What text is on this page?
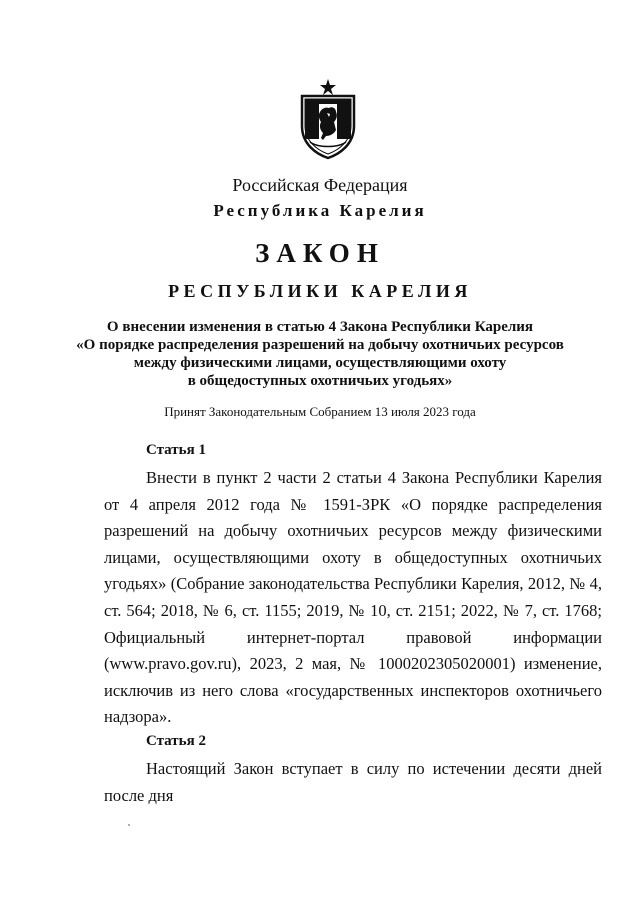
Российская Федерация
Республика Карелия
ЗАКОН
РЕСПУБЛИКИ КАРЕЛИЯ
О внесении изменения в статью 4 Закона Республики Карелия
«О порядке распределения разрешений на добычу охотничьих ресурсов
между физическими лицами, осуществляющими охоту
в общедоступных охотничьих угодьях»
Принят Законодательным Собранием 13 июля 2023 года
Статья 1
Внести в пункт 2 части 2 статьи 4 Закона Республики Карелия от 4 апреля 2012 года № 1591-ЗРК «О порядке распределения разрешений на добычу охотничьих ресурсов между физическими лицами, осуществляющими охоту в общедоступных охотничьих угодьях» (Собрание законодательства Республики Карелия, 2012, № 4, ст. 564; 2018, № 6, ст. 1155; 2019, № 10, ст. 2151; 2022, № 7, ст. 1768; Официальный интернет-портал правовой информации (www.pravo.gov.ru), 2023, 2 мая, № 1000202305020001) изменение, исключив из него слова «государственных инспекторов охотничьего надзора».
Статья 2
Настоящий Закон вступает в силу по истечении десяти дней после дня
